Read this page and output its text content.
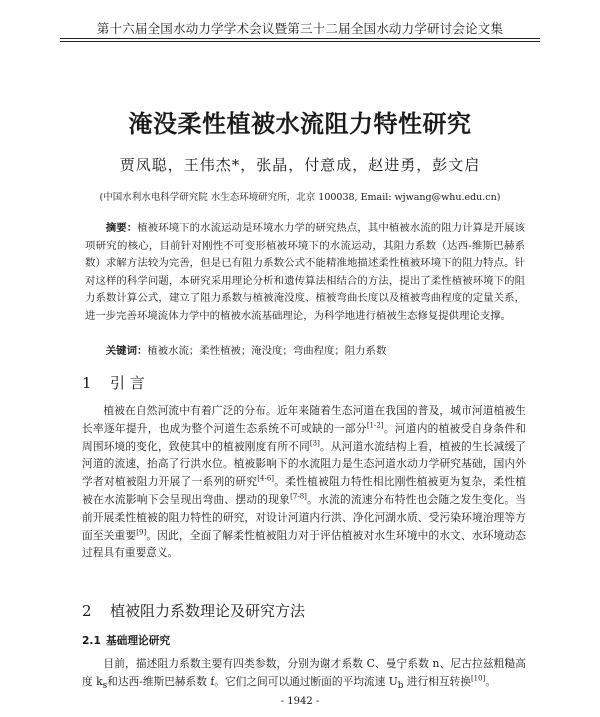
第十六届全国水动力学学术会议暨第三十二届全国水动力学研讨会论文集
淹没柔性植被水流阻力特性研究
贾凤聪，王伟杰*，张晶，付意成，赵进勇，彭文启
(中国水利水电科学研究院 水生态环境研究所，北京 100038, Email: wjwang@whu.edu.cn)

摘要：植被环境下的水流运动是环境水力学的研究热点，其中植被水流的阻力计算是开展该项研究的核心，目前针对刚性不可变形植被环境下的水流运动，其阻力系数（达西-维斯巴赫系数）求解方法较为完善，但是已有阻力系数公式不能精准地描述柔性植被环境下的阻力特点。针对这样的科学问题，本研究采用理论分析和遗传算法相结合的方法，提出了柔性植被环境下的阻力系数计算公式，建立了阻力系数与植被淹没度、植被弯曲长度以及植被弯曲程度的定量关系，进一步完善环境流体力学中的植被水流基础理论，为科学地进行植被生态修复提供理论支撑。

关键词：植被水流；柔性植被；淹没度；弯曲程度；阻力系数

1 引 言

植被在自然河流中有着广泛的分布。近年来随着生态河道在我国的普及，城市河道植被生长率逐年提升，也成为整个河道生态系统不可或缺的一部分[1-2]。河道内的植被受自身条件和周围环境的变化，致使其中的植被刚度有所不同[3]。从河道水流结构上看，植被的生长减缓了河道的流速，抬高了行洪水位。植被影响下的水流阻力是生态河道水动力学研究基础，国内外学者对植被阻力开展了一系列的研究[4-6]。柔性植被阻力特性相比刚性植被更为复杂，柔性植被在水流影响下会呈现出弯曲、摆动的现象[7-8]。水流的流速分布特性也会随之发生变化。当前开展柔性植被的阻力特性的研究，对设计河道内行洪、净化河湖水质、受污染环境治理等方面至关重要[9]。因此，全面了解柔性植被阻力对于评估植被对水生环境中的水文、水环境动态过程具有重要意义。

2 植被阻力系数理论及研究方法
2.1 基础理论研究

目前，描述阻力系数主要有四类参数，分别为谢才系数 C、曼宁系数 n、尼古拉兹粗糙高度 $k_s$和达西-维斯巴赫系数 f。它们之间可以通过断面的平均流速 $U_b$ 进行相互转换[10]。

- 1942 -
